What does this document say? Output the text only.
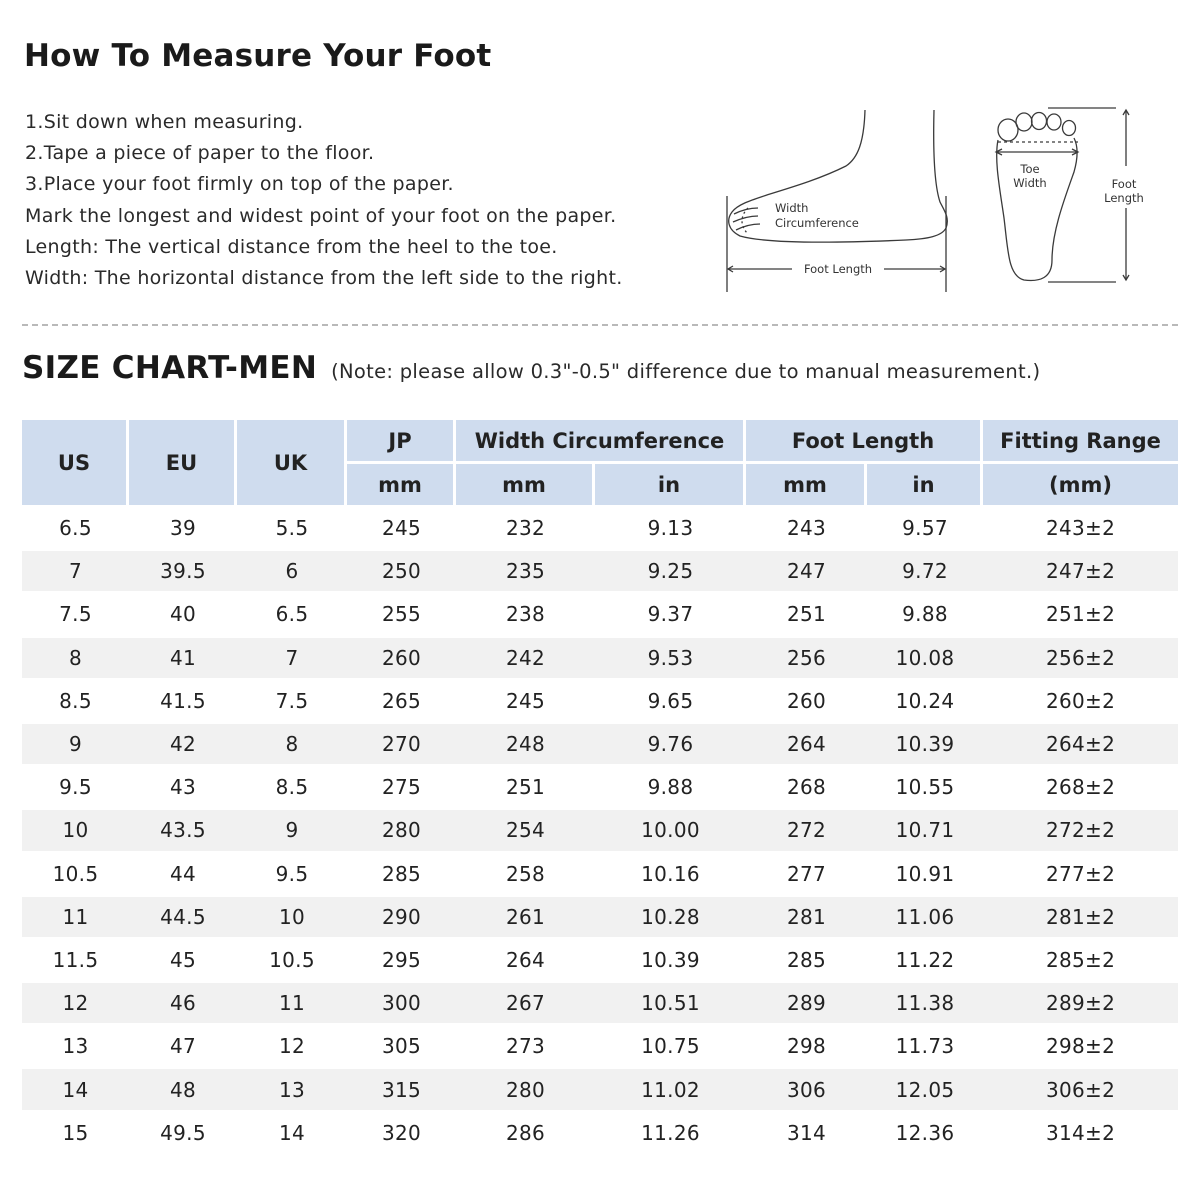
How To Measure Your Foot
1.Sit down when measuring.
2.Tape a piece of paper to the floor.
3.Place your foot firmly on top of the paper.
Mark the longest and widest point of your foot on the paper.
Length: The vertical distance from the heel to the toe.
Width: The horizontal distance from the left side to the right.
Width
Circumference
Foot Length
Toe
Width	Foot
Length
SIZE CHART-MEN (Note: please allow 0.3"-0.5" difference due to manual measurement.)
US	EU	UK	JP	Width Circumference		Foot Length		Fitting Range
			mm	mm	in	mm	in	(mm)
6.5	39	5.5	245	232	9.13	243	9.57	243±2
7	39.5	6	250	235	9.25	247	9.72	247±2
7.5	40	6.5	255	238	9.37	251	9.88	251±2
8	41	7	260	242	9.53	256	10.08	256±2
8.5	41.5	7.5	265	245	9.65	260	10.24	260±2
9	42	8	270	248	9.76	264	10.39	264±2
9.5	43	8.5	275	251	9.88	268	10.55	268±2
10	43.5	9	280	254	10.00	272	10.71	272±2
10.5	44	9.5	285	258	10.16	277	10.91	277±2
11	44.5	10	290	261	10.28	281	11.06	281±2
11.5	45	10.5	295	264	10.39	285	11.22	285±2
12	46	11	300	267	10.51	289	11.38	289±2
13	47	12	305	273	10.75	298	11.73	298±2
14	48	13	315	280	11.02	306	12.05	306±2
15	49.5	14	320	286	11.26	314	12.36	314±2
